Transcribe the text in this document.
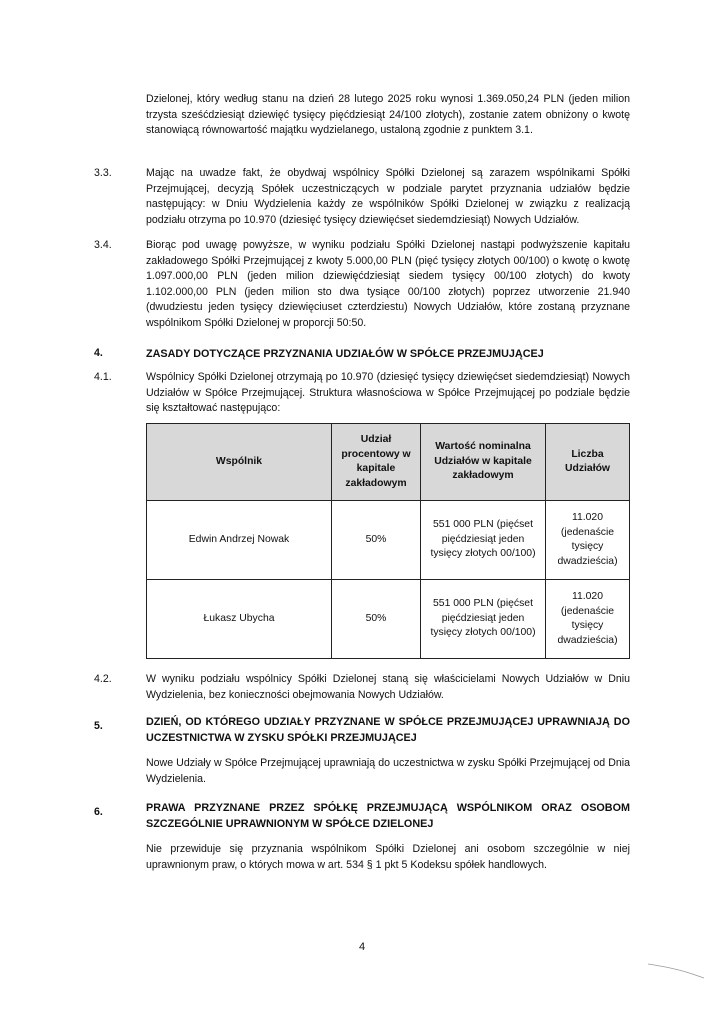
Dzielonej, który według stanu na dzień 28 lutego 2025 roku wynosi 1.369.050,24 PLN (jeden milion trzysta sześćdziesiąt dziewięć tysięcy pięćdziesiąt 24/100 złotych), zostanie zatem obniżony o kwotę stanowiącą równowartość majątku wydzielanego, ustaloną zgodnie z punktem 3.1.

3.3.	Mając na uwadze fakt, że obydwaj wspólnicy Spółki Dzielonej są zarazem wspólnikami Spółki Przejmującej, decyzją Spółek uczestniczących w podziale parytet przyznania udziałów będzie następujący: w Dniu Wydzielenia każdy ze wspólników Spółki Dzielonej w związku z realizacją podziału otrzyma po 10.970 (dziesięć tysięcy dziewięćset siedemdziesiąt) Nowych Udziałów.

3.4.	Biorąc pod uwagę powyższe, w wyniku podziału Spółki Dzielonej nastąpi podwyższenie kapitału zakładowego Spółki Przejmującej z kwoty 5.000,00 PLN (pięć tysięcy złotych 00/100) o kwotę o kwotę 1.097.000,00 PLN (jeden milion dziewięćdziesiąt siedem tysięcy 00/100 złotych) do kwoty 1.102.000,00 PLN (jeden milion sto dwa tysiące 00/100 złotych) poprzez utworzenie 21.940 (dwudziestu jeden tysięcy dziewięciuset czterdziestu) Nowych Udziałów, które zostaną przyznane wspólnikom Spółki Dzielonej w proporcji 50:50.

4.	ZASADY DOTYCZĄCE PRZYZNANIA UDZIAŁÓW W SPÓŁCE PRZEJMUJĄCEJ

4.1.	Wspólnicy Spółki Dzielonej otrzymają po 10.970 (dziesięć tysięcy dziewięćset siedemdziesiąt) Nowych Udziałów w Spółce Przejmującej. Struktura własnościowa w Spółce Przejmującej po podziale będzie się kształtować następująco:

Wspólnik	Udział procentowy w kapitale zakładowym	Wartość nominalna Udziałów w kapitale zakładowym	Liczba Udziałów
Edwin Andrzej Nowak	50%	551 000 PLN (pięćset pięćdziesiąt jeden tysięcy złotych 00/100)	11.020 (jedenaście tysięcy dwadzieścia)
Łukasz Ubycha	50%	551 000 PLN (pięćset pięćdziesiąt jeden tysięcy złotych 00/100)	11.020 (jedenaście tysięcy dwadzieścia)
4.2.	W wyniku podziału wspólnicy Spółki Dzielonej staną się właścicielami Nowych Udziałów w Dniu Wydzielenia, bez konieczności obejmowania Nowych Udziałów.

5.	DZIEŃ, OD KTÓREGO UDZIAŁY PRZYZNANE W SPÓŁCE PRZEJMUJĄCEJ UPRAWNIAJĄ DO UCZESTNICTWA W ZYSKU SPÓŁKI PRZEJMUJĄCEJ

Nowe Udziały w Spółce Przejmującej uprawniają do uczestnictwa w zysku Spółki Przejmującej od Dnia Wydzielenia.

6.	PRAWA PRZYZNANE PRZEZ SPÓŁKĘ PRZEJMUJĄCĄ WSPÓLNIKOM ORAZ OSOBOM SZCZEGÓLNIE UPRAWNIONYM W SPÓŁCE DZIELONEJ

Nie przewiduje się przyznania wspólnikom Spółki Dzielonej ani osobom szczególnie w niej uprawnionym praw, o których mowa w art. 534 § 1 pkt 5 Kodeksu spółek handlowych.

4
